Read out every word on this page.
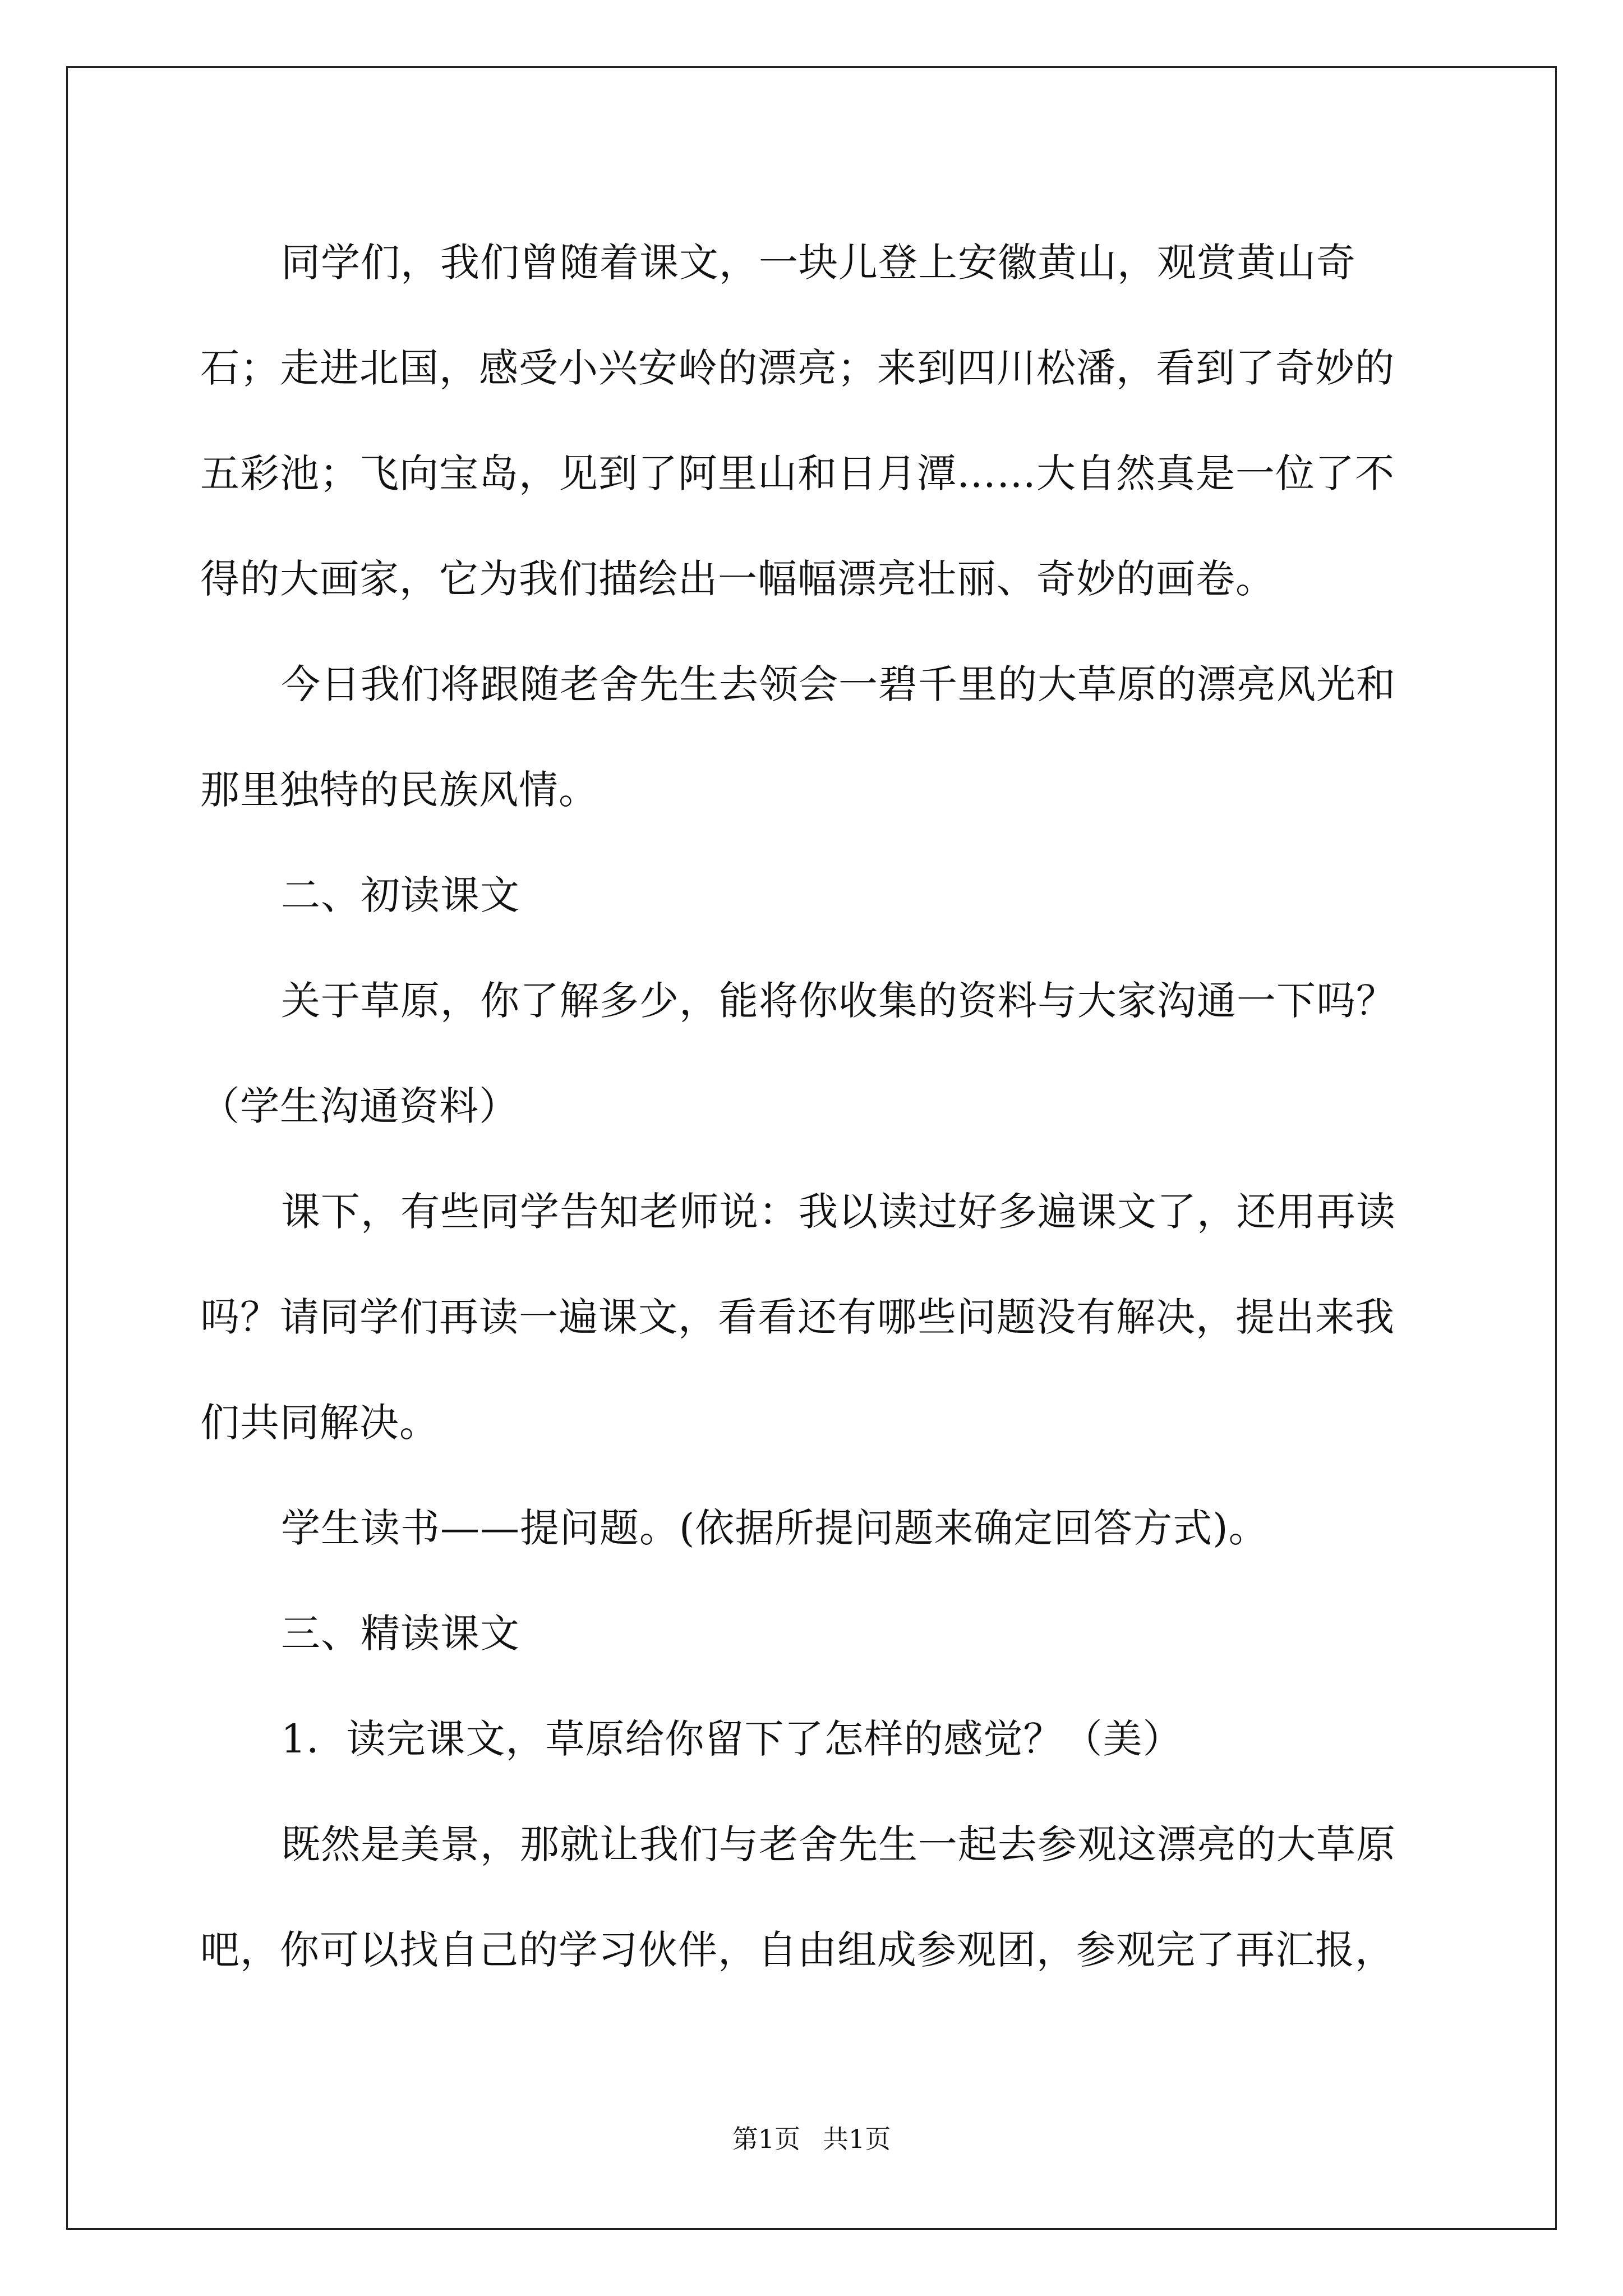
同学们，我们曾随着课文，一块儿登上安徽黄山，观赏黄山奇石；走进北国，感受小兴安岭的漂亮；来到四川松潘，看到了奇妙的五彩池；飞向宝岛，见到了阿里山和日月潭……大自然真是一位了不得的大画家，它为我们描绘出一幅幅漂亮壮丽、奇妙的画卷。

今日我们将跟随老舍先生去领会一碧千里的大草原的漂亮风光和那里独特的民族风情。

二、初读课文

关于草原，你了解多少，能将你收集的资料与大家沟通一下吗？（学生沟通资料）

课下，有些同学告知老师说：我以读过好多遍课文了，还用再读吗？请同学们再读一遍课文，看看还有哪些问题没有解决，提出来我们共同解决。

学生读书——提问题。(依据所提问题来确定回答方式)。

三、精读课文

1．读完课文，草原给你留下了怎样的感觉？（美）

既然是美景，那就让我们与老舍先生一起去参观这漂亮的大草原吧，你可以找自己的学习伙伴，自由组成参观团，参观完了再汇报，

第1页 共1页
